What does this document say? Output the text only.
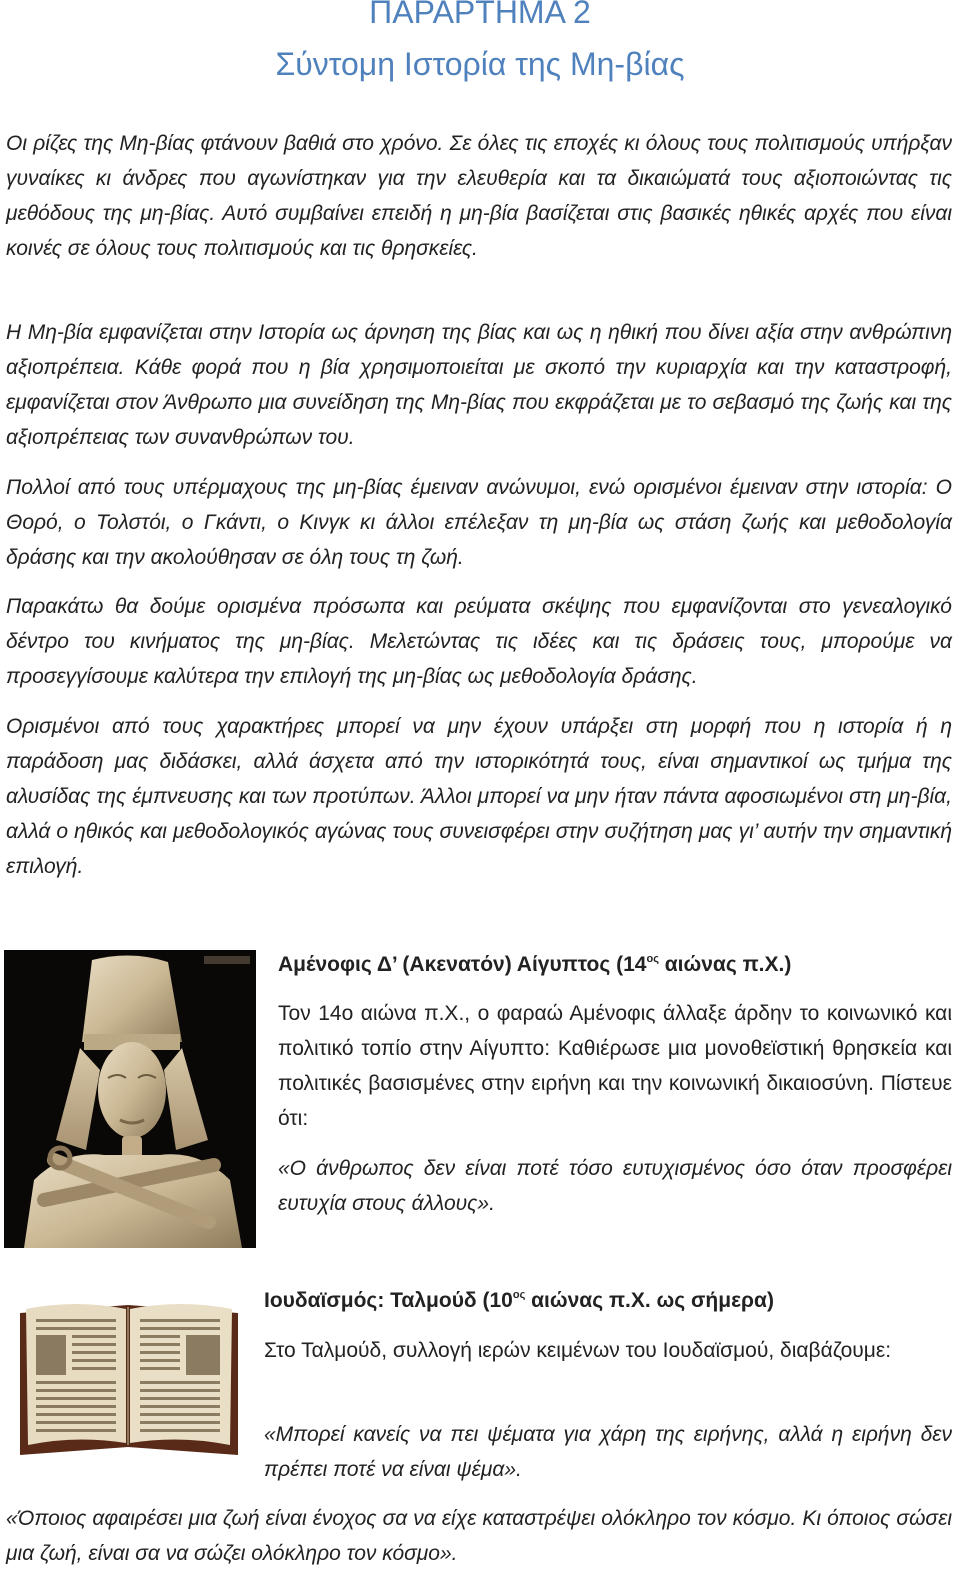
ΠΑΡΑΡΤΗΜΑ 2
Σύντομη Ιστορία της Μη-βίας

Οι ρίζες της Μη-βίας φτάνουν βαθιά στο χρόνο. Σε όλες τις εποχές κι όλους τους πολιτισμούς υπήρξαν γυναίκες κι άνδρες που αγωνίστηκαν για την ελευθερία και τα δικαιώματά τους αξιοποιώντας τις μεθόδους της μη-βίας. Αυτό συμβαίνει επειδή η μη-βία βασίζεται στις βασικές ηθικές αρχές που είναι κοινές σε όλους τους πολιτισμούς και τις θρησκείες.

Η Μη-βία εμφανίζεται στην Ιστορία ως άρνηση της βίας και ως η ηθική που δίνει αξία στην ανθρώπινη αξιοπρέπεια. Κάθε φορά που η βία χρησιμοποιείται με σκοπό την κυριαρχία και την καταστροφή, εμφανίζεται στον Άνθρωπο μια συνείδηση της Μη-βίας που εκφράζεται με το σεβασμό της ζωής και της αξιοπρέπειας των συνανθρώπων του.

Πολλοί από τους υπέρμαχους της μη-βίας έμειναν ανώνυμοι, ενώ ορισμένοι έμειναν στην ιστορία: Ο Θορό, ο Τολστόι, ο Γκάντι, ο Κινγκ κι άλλοι επέλεξαν τη μη-βία ως στάση ζωής και μεθοδολογία δράσης και την ακολούθησαν σε όλη τους τη ζωή.

Παρακάτω θα δούμε ορισμένα πρόσωπα και ρεύματα σκέψης που εμφανίζονται στο γενεαλογικό δέντρο του κινήματος της μη-βίας. Μελετώντας τις ιδέες και τις δράσεις τους, μπορούμε να προσεγγίσουμε καλύτερα την επιλογή της μη-βίας ως μεθοδολογία δράσης.

Ορισμένοι από τους χαρακτήρες μπορεί να μην έχουν υπάρξει στη μορφή που η ιστορία ή η παράδοση μας διδάσκει, αλλά άσχετα από την ιστορικότητά τους, είναι σημαντικοί ως τμήμα της αλυσίδας της έμπνευσης και των προτύπων. Άλλοι μπορεί να μην ήταν πάντα αφοσιωμένοι στη μη-βία, αλλά ο ηθικός και μεθοδολογικός αγώνας τους συνεισφέρει στην συζήτηση μας γι’ αυτήν την σημαντική επιλογή.

Αμένοφις Δ’ (Ακενατόν) Αίγυπτος ($14^{o\varsigma}$ αιώνας π.Χ.)

Τον 14ο αιώνα π.Χ., ο φαραώ Αμένοφις άλλαξε άρδην το κοινωνικό και πολιτικό τοπίο στην Αίγυπτο: Καθιέρωσε μια μονοθεϊστική θρησκεία και πολιτικές βασισμένες στην ειρήνη και την κοινωνική δικαιοσύνη. Πίστευε ότι:

«Ο άνθρωπος δεν είναι ποτέ τόσο ευτυχισμένος όσο όταν προσφέρει ευτυχία στους άλλους».

Ιουδαϊσμός: Ταλμούδ ($10^{o\varsigma}$ αιώνας π.Χ. ως σήμερα)

Στο Ταλμούδ, συλλογή ιερών κειμένων του Ιουδαϊσμού, διαβάζουμε:

«Μπορεί κανείς να πει ψέματα για χάρη της ειρήνης, αλλά η ειρήνη δεν πρέπει ποτέ να είναι ψέμα».

«Όποιος αφαιρέσει μια ζωή είναι ένοχος σα να είχε καταστρέψει ολόκληρο τον κόσμο. Κι όποιος σώσει μια ζωή, είναι σα να σώζει ολόκληρο τον κόσμο».
